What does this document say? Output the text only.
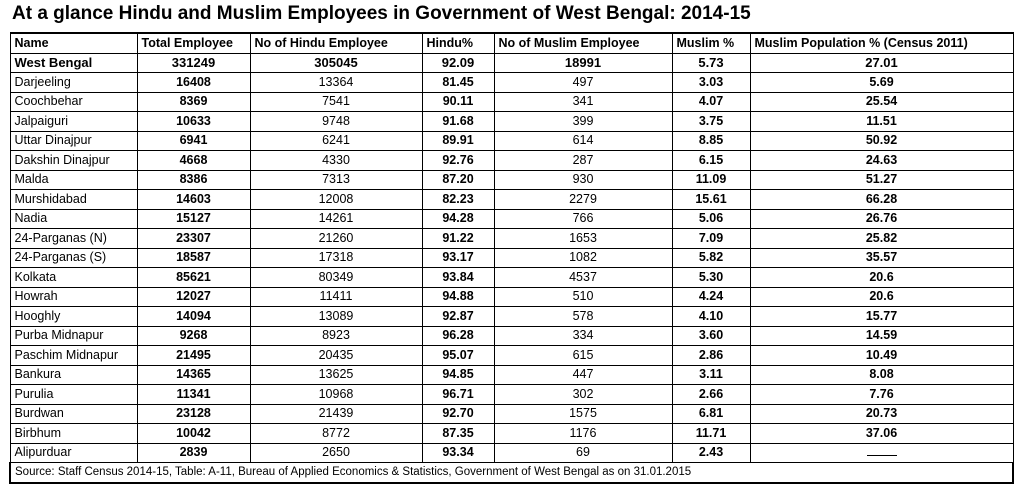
At a glance Hindu and Muslim Employees in Government of West Bengal: 2014-15
Name	Total Employee	No of Hindu Employee	Hindu%	No of Muslim Employee	Muslim %	Muslim Population % (Census 2011)
West Bengal	331249	305045	92.09	18991	5.73	27.01
Darjeeling	16408	13364	81.45	497	3.03	5.69
Coochbehar	8369	7541	90.11	341	4.07	25.54
Jalpaiguri	10633	9748	91.68	399	3.75	11.51
Uttar Dinajpur	6941	6241	89.91	614	8.85	50.92
Dakshin Dinajpur	4668	4330	92.76	287	6.15	24.63
Malda	8386	7313	87.20	930	11.09	51.27
Murshidabad	14603	12008	82.23	2279	15.61	66.28
Nadia	15127	14261	94.28	766	5.06	26.76
24-Parganas (N)	23307	21260	91.22	1653	7.09	25.82
24-Parganas (S)	18587	17318	93.17	1082	5.82	35.57
Kolkata	85621	80349	93.84	4537	5.30	20.6
Howrah	12027	11411	94.88	510	4.24	20.6
Hooghly	14094	13089	92.87	578	4.10	15.77
Purba Midnapur	9268	8923	96.28	334	3.60	14.59
Paschim Midnapur	21495	20435	95.07	615	2.86	10.49
Bankura	14365	13625	94.85	447	3.11	8.08
Purulia	11341	10968	96.71	302	2.66	7.76
Burdwan	23128	21439	92.70	1575	6.81	20.73
Birbhum	10042	8772	87.35	1176	11.71	37.06
Alipurduar	2839	2650	93.34	69	2.43	
Source: Staff Census 2014-15, Table: A-11, Bureau of Applied Economics & Statistics, Government of West Bengal as on 31.01.2015						
